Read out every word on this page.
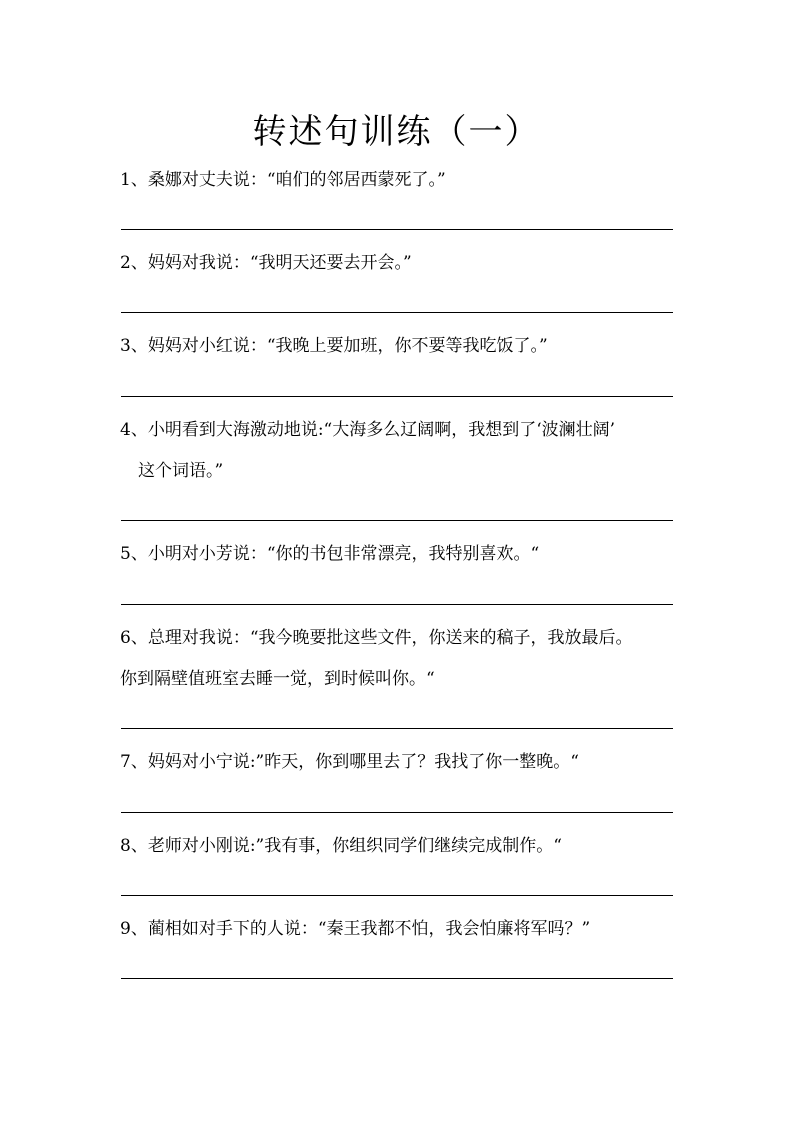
转述句训练（一）
1、桑娜对丈夫说：“咱们的邻居西蒙死了。”
2、妈妈对我说：“我明天还要去开会。”
3、妈妈对小红说：“我晚上要加班，你不要等我吃饭了。”
4、小明看到大海激动地说:“大海多么辽阔啊，我想到了‘波澜壮阔’
这个词语。”
5、小明对小芳说：“你的书包非常漂亮，我特别喜欢。“
6、总理对我说：“我今晚要批这些文件，你送来的稿子，我放最后。
你到隔壁值班室去睡一觉，到时候叫你。“
7、妈妈对小宁说:”昨天，你到哪里去了？我找了你一整晚。“
8、老师对小刚说:”我有事，你组织同学们继续完成制作。“
9、蔺相如对手下的人说：“秦王我都不怕，我会怕廉将军吗？”
